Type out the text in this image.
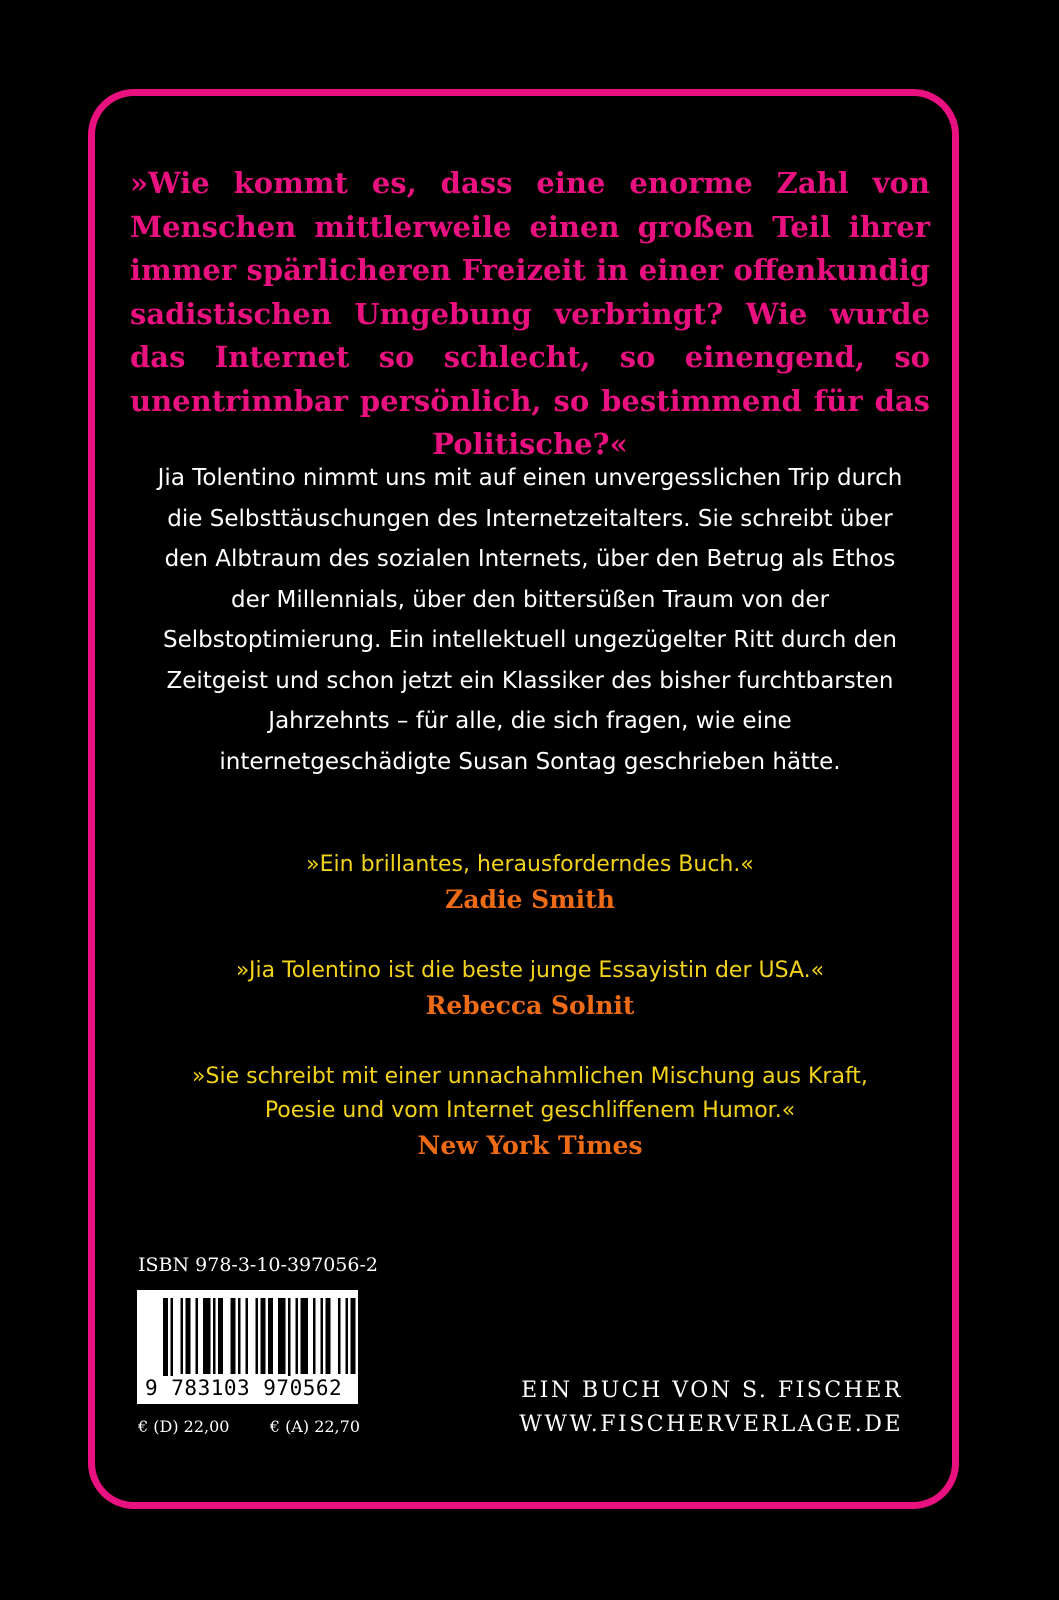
»Wie kommt es, dass eine enorme Zahl von Menschen mittlerweile einen großen Teil ihrer immer spärlicheren Freizeit in einer offenkundig sadistischen Umgebung verbringt? Wie wurde das Internet so schlecht, so einengend, so unentrinnbar persönlich, so bestimmend für das Politische?«

Jia Tolentino nimmt uns mit auf einen unvergesslichen Trip durch die Selbsttäuschungen des Internetzeitalters. Sie schreibt über den Albtraum des sozialen Internets, über den Betrug als Ethos der Millennials, über den bittersüßen Traum von der Selbstoptimierung. Ein intellektuell ungezügelter Ritt durch den Zeitgeist und schon jetzt ein Klassiker des bisher furchtbarsten Jahrzehnts – für alle, die sich fragen, wie eine internetgeschädigte Susan Sontag geschrieben hätte.

»Ein brillantes, herausforderndes Buch.«
Zadie Smith
»Jia Tolentino ist die beste junge Essayistin der USA.«
Rebecca Solnit
»Sie schreibt mit einer unnachahmlichen Mischung aus Kraft,
Poesie und vom Internet geschliffenem Humor.«
New York Times
ISBN 978-3-10-397056-2
9 783103 970562
€ (D) 22,00	€ (A) 22,70
EIN BUCH VON S. FISCHER
WWW.FISCHERVERLAGE.DE
